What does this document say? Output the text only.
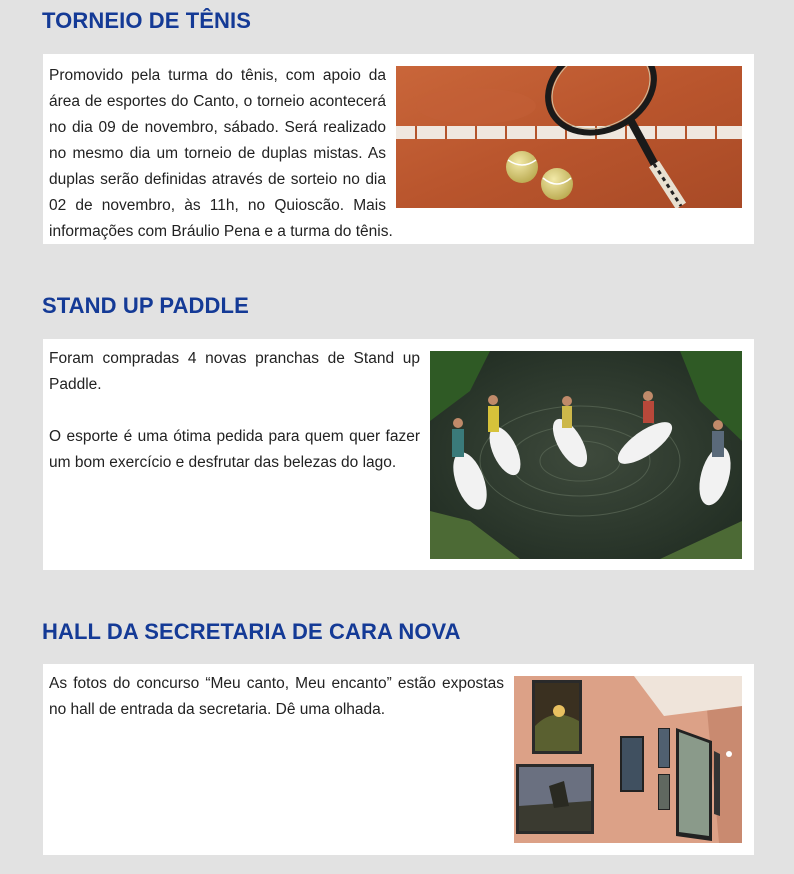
TORNEIO DE TÊNIS

Promovido pela turma do tênis, com apoio da área de esportes do Canto, o torneio acontecerá no dia 09 de novembro, sábado. Será realizado no mesmo dia um torneio de duplas mistas. As duplas serão definidas através de sorteio no dia 02 de novembro, às 11h, no Quioscão. Mais informações com Bráulio Pena e a turma do tênis.

STAND UP PADDLE

Foram compradas 4 novas pranchas de Stand up Paddle.

O esporte é uma ótima pedida para quem quer fazer um bom exercício e desfrutar das belezas do lago.

HALL DA SECRETARIA DE CARA NOVA

As fotos do concurso “Meu canto, Meu encanto” estão expostas no hall de entrada da secretaria. Dê uma olhada.
